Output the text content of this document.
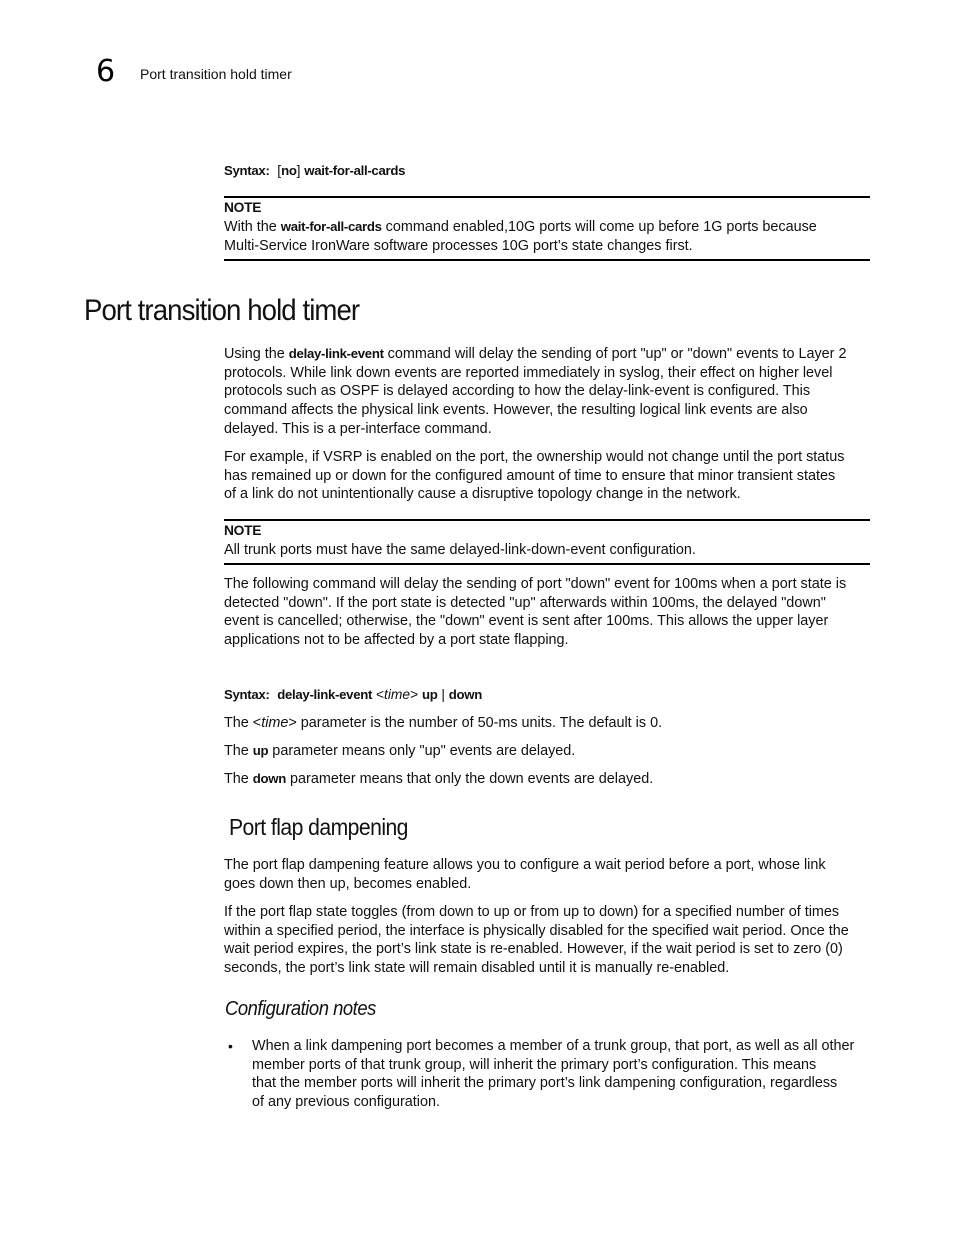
6 Port transition hold timer
Syntax: [no] wait-for-all-cards
NOTE

With the wait-for-all-cards command enabled,10G ports will come up before 1G ports because

Multi-Service IronWare software processes 10G port’s state changes first.

Port transition hold timer

Using the delay-link-event command will delay the sending of port "up" or "down" events to Layer 2

protocols. While link down events are reported immediately in syslog, their effect on higher level

protocols such as OSPF is delayed according to how the delay-link-event is configured. This

command affects the physical link events. However, the resulting logical link events are also

delayed. This is a per-interface command.

For example, if VSRP is enabled on the port, the ownership would not change until the port status

has remained up or down for the configured amount of time to ensure that minor transient states

of a link do not unintentionally cause a disruptive topology change in the network.

NOTE
All trunk ports must have the same delayed-link-down-event configuration.

The following command will delay the sending of port "down" event for 100ms when a port state is

detected "down". If the port state is detected "up" afterwards within 100ms, the delayed "down"

event is cancelled; otherwise, the "down" event is sent after 100ms. This allows the upper layer

applications not to be affected by a port state flapping.

Syntax: delay-link-event <time> up | down
The <time> parameter is the number of 50-ms units. The default is 0.
The up parameter means only "up" events are delayed.
The down parameter means that only the down events are delayed.
Port flap dampening

The port flap dampening feature allows you to configure a wait period before a port, whose link

goes down then up, becomes enabled.

If the port flap state toggles (from down to up or from up to down) for a specified number of times

within a specified period, the interface is physically disabled for the specified wait period. Once the

wait period expires, the port’s link state is re-enabled. However, if the wait period is set to zero (0)

seconds, the port’s link state will remain disabled until it is manually re-enabled.

Configuration notes
• When a link dampening port becomes a member of a trunk group, that port, as well as all other

member ports of that trunk group, will inherit the primary port’s configuration. This means

that the member ports will inherit the primary port’s link dampening configuration, regardless

of any previous configuration.
